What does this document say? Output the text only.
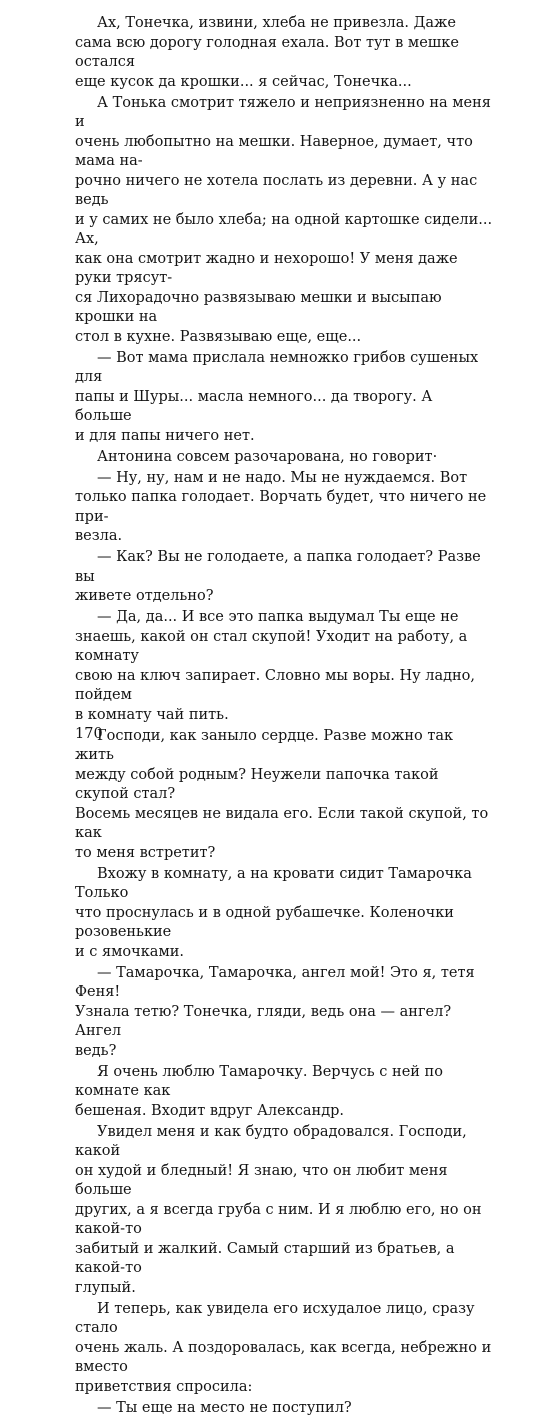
Ах, Тонечка, извини, хлеба не привезла. Даже
сама всю дорогу голодная ехала. Вот тут в мешке остался
еще кусок да крошки... я сейчас, Тонечка...

А Тонька смотрит тяжело и неприязненно на меня и
очень любопытно на мешки. Наверное, думает, что мама на-
рочно ничего не хотела послать из деревни. А у нас ведь
и у самих не было хлеба; на одной картошке сидели... Ах,
как она смотрит жадно и нехорошо! У меня даже руки трясут-
ся Лихорадочно развязываю мешки и высыпаю крошки на
стол в кухне. Развязываю еще, еще...

— Вот мама прислала немножко грибов сушеных для
папы и Шуры... масла немного... да творогу. А больше
и для папы ничего нет.

Антонина совсем разочарована, но говорит·

— Ну, ну, нам и не надо. Мы не нуждаемся. Вот
только папка голодает. Ворчать будет, что ничего не при-
везла.

— Как? Вы не голодаете, а папка голодает? Разве вы
живете отдельно?

— Да, да... И все это папка выдумал Ты еще не
знаешь, какой он стал скупой! Уходит на работу, а комнату
свою на ключ запирает. Словно мы воры. Ну ладно, пойдем
в комнату чай пить.

Господи, как заныло сердце. Разве можно так жить
между собой родным? Неужели папочка такой скупой стал?
Восемь месяцев не видала его. Если такой скупой, то как
то меня встретит?

Вхожу в комнату, а на кровати сидит Тамарочка Только
что проснулась и в одной рубашечке. Коленочки розовенькие
и с ямочками.

— Тамарочка, Тамарочка, ангел мой! Это я, тетя Феня!
Узнала тетю? Тонечка, гляди, ведь она — ангел? Ангел
ведь?

Я очень люблю Тамарочку. Верчусь с ней по комнате как
бешеная. Входит вдруг Александр.

Увидел меня и как будто обрадовался. Господи, какой
он худой и бледный! Я знаю, что он любит меня больше
других, а я всегда груба с ним. И я люблю его, но он какой-то
забитый и жалкий. Самый старший из братьев, а какой-то
глупый.

И теперь, как увидела его исхудалое лицо, сразу стало
очень жаль. А поздоровалась, как всегда, небрежно и вместо
приветствия спросила:

— Ты еще на место не поступил?

170
